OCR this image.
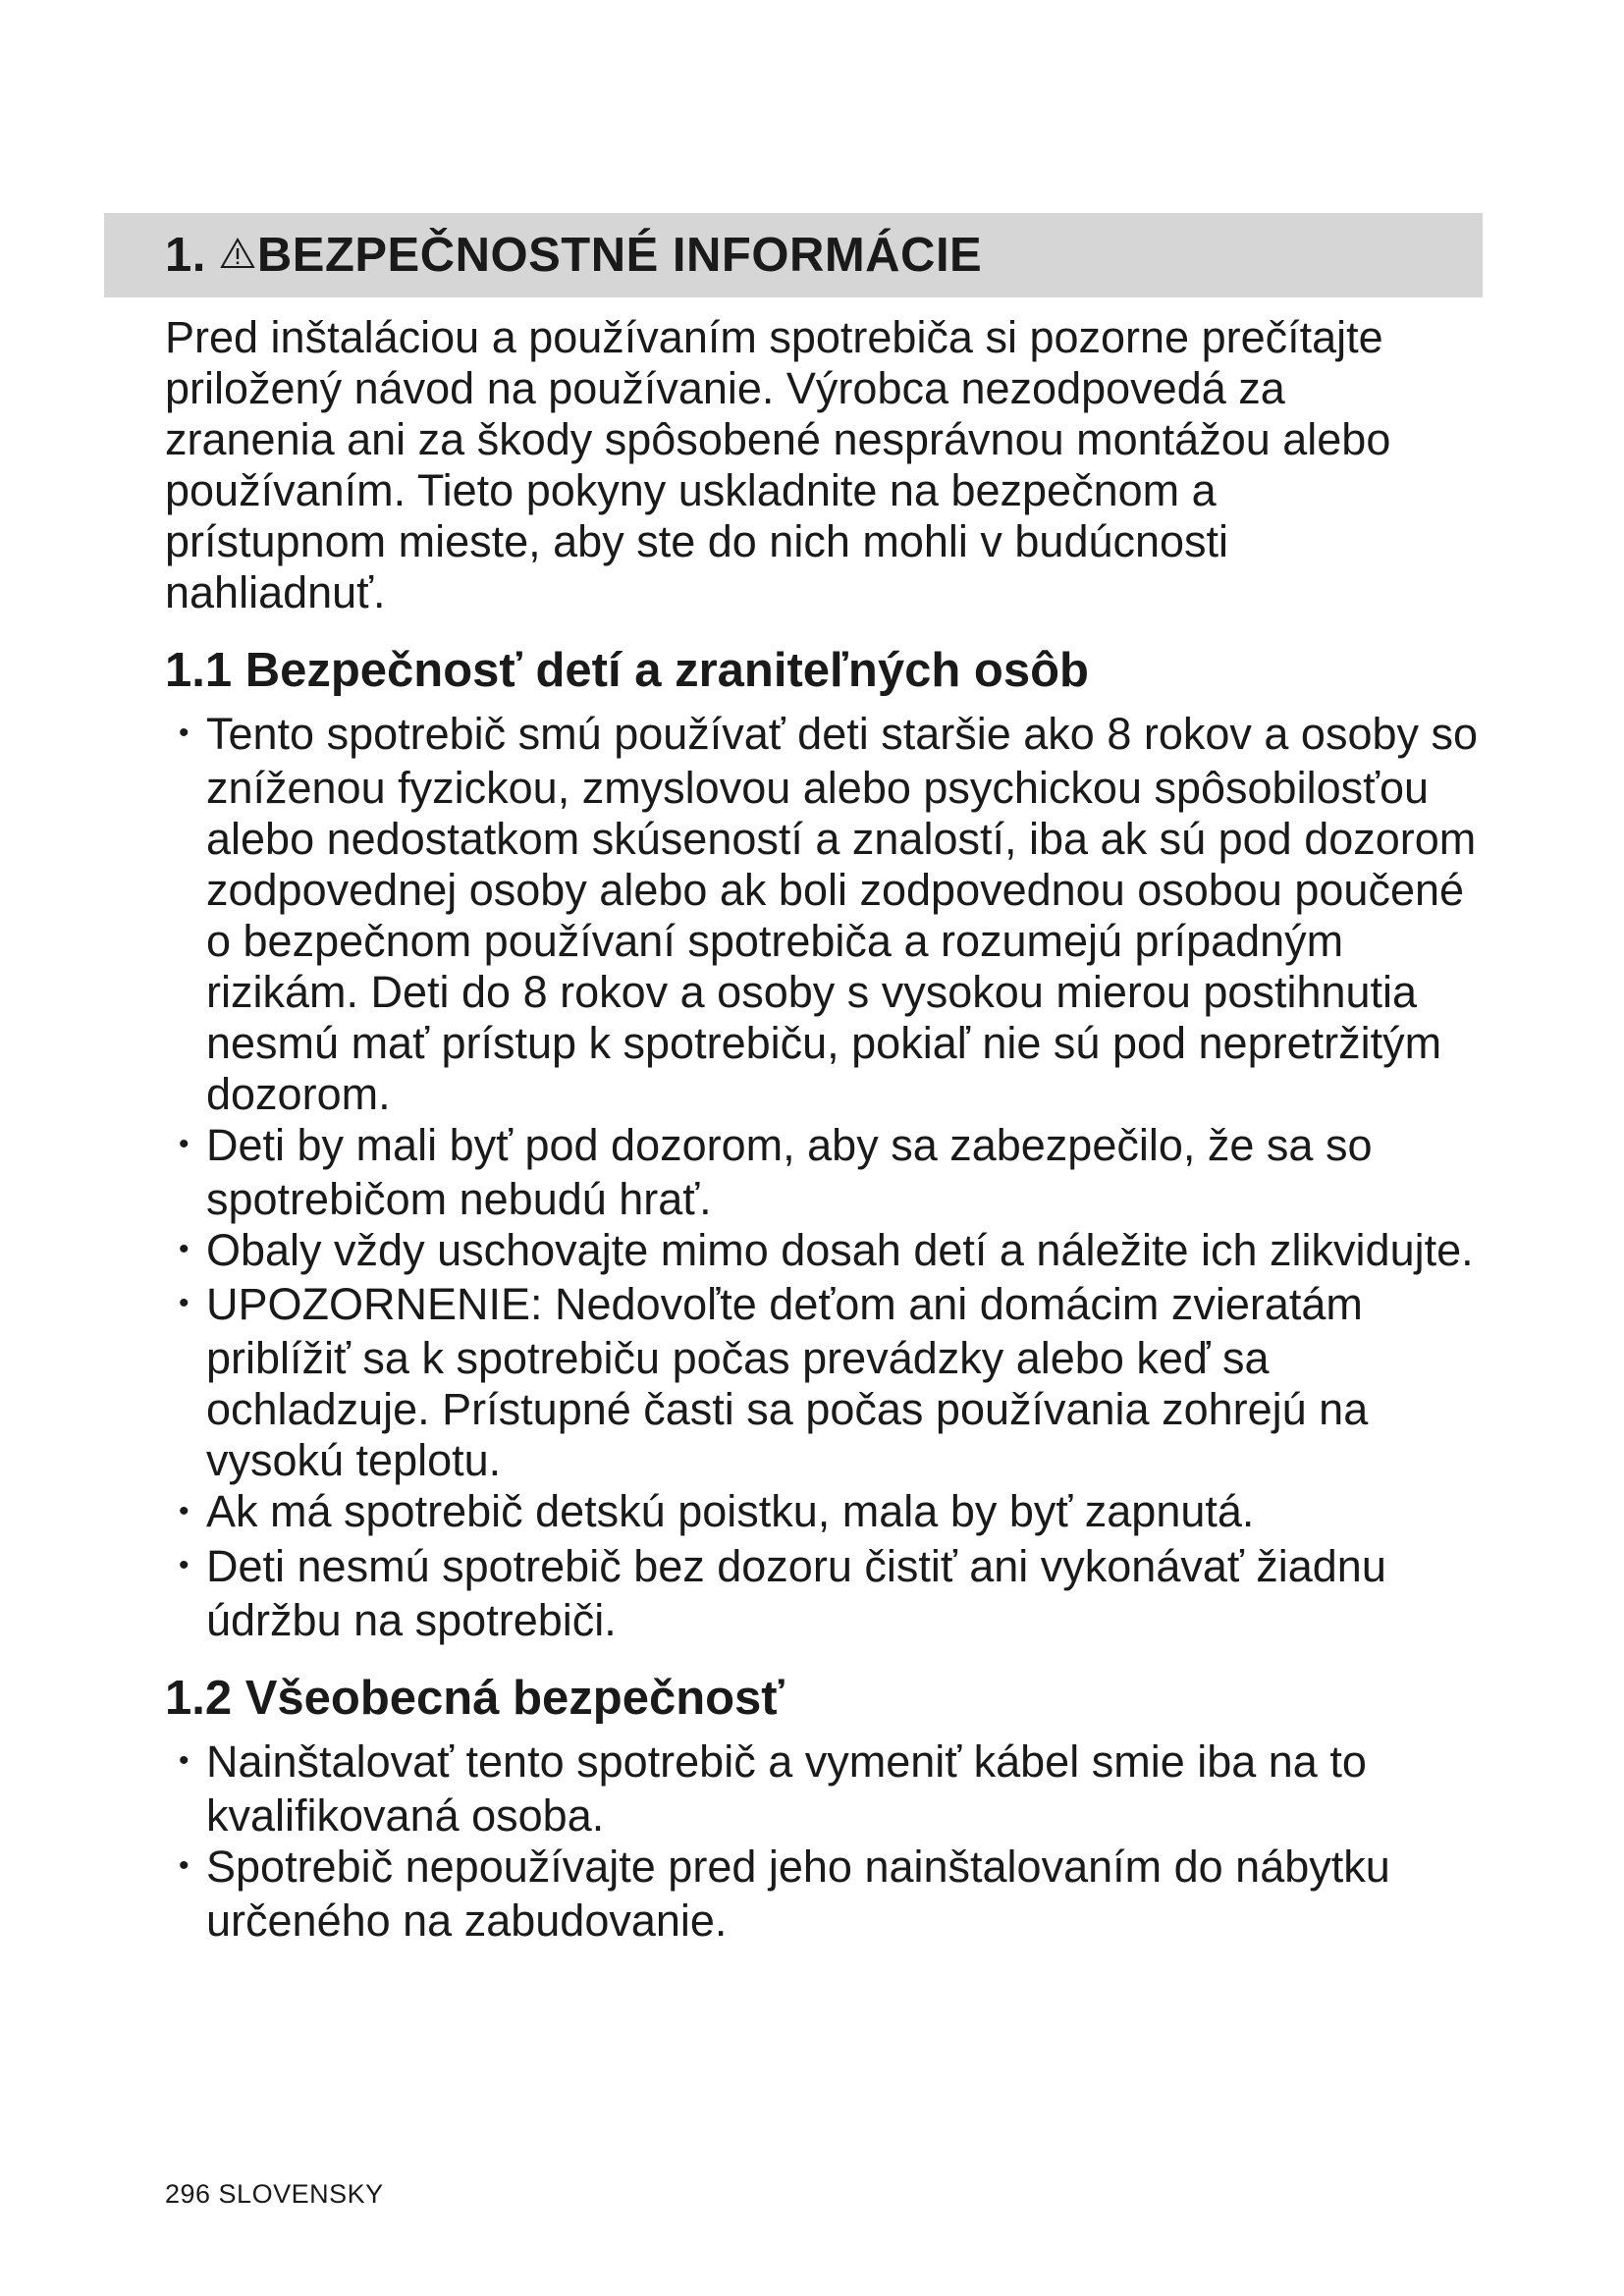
1. BEZPEČNOSTNÉ INFORMÁCIE

Pred inštaláciou a používaním spotrebiča si pozorne prečítajte priložený návod na používanie. Výrobca nezodpovedá za zranenia ani za škody spôsobené nesprávnou montážou alebo používaním. Tieto pokyny uskladnite na bezpečnom a prístupnom mieste, aby ste do nich mohli v budúcnosti nahliadnuť.

1.1 Bezpečnosť detí a zraniteľných osôb
• Tento spotrebič smú používať deti staršie ako 8 rokov a osoby so zníženou fyzickou, zmyslovou alebo psychickou spôsobilosťou alebo nedostatkom skúseností a znalostí, iba ak sú pod dozorom zodpovednej osoby alebo ak boli zodpovednou osobou poučené o bezpečnom používaní spotrebiča a rozumejú prípadným rizikám. Deti do 8 rokov a osoby s vysokou mierou postihnutia nesmú mať prístup k spotrebiču, pokiaľ nie sú pod nepretržitým dozorom.
• Deti by mali byť pod dozorom, aby sa zabezpečilo, že sa so spotrebičom nebudú hrať.
• Obaly vždy uschovajte mimo dosah detí a náležite ich zlikvidujte.
• UPOZORNENIE: Nedovoľte deťom ani domácim zvieratám priblížiť sa k spotrebiču počas prevádzky alebo keď sa ochladzuje. Prístupné časti sa počas používania zohrejú na vysokú teplotu.
• Ak má spotrebič detskú poistku, mala by byť zapnutá.
• Deti nesmú spotrebič bez dozoru čistiť ani vykonávať žiadnu údržbu na spotrebiči.
1.2 Všeobecná bezpečnosť
• Nainštalovať tento spotrebič a vymeniť kábel smie iba na to kvalifikovaná osoba.
• Spotrebič nepoužívajte pred jeho nainštalovaním do nábytku určeného na zabudovanie.
296 SLOVENSKY
